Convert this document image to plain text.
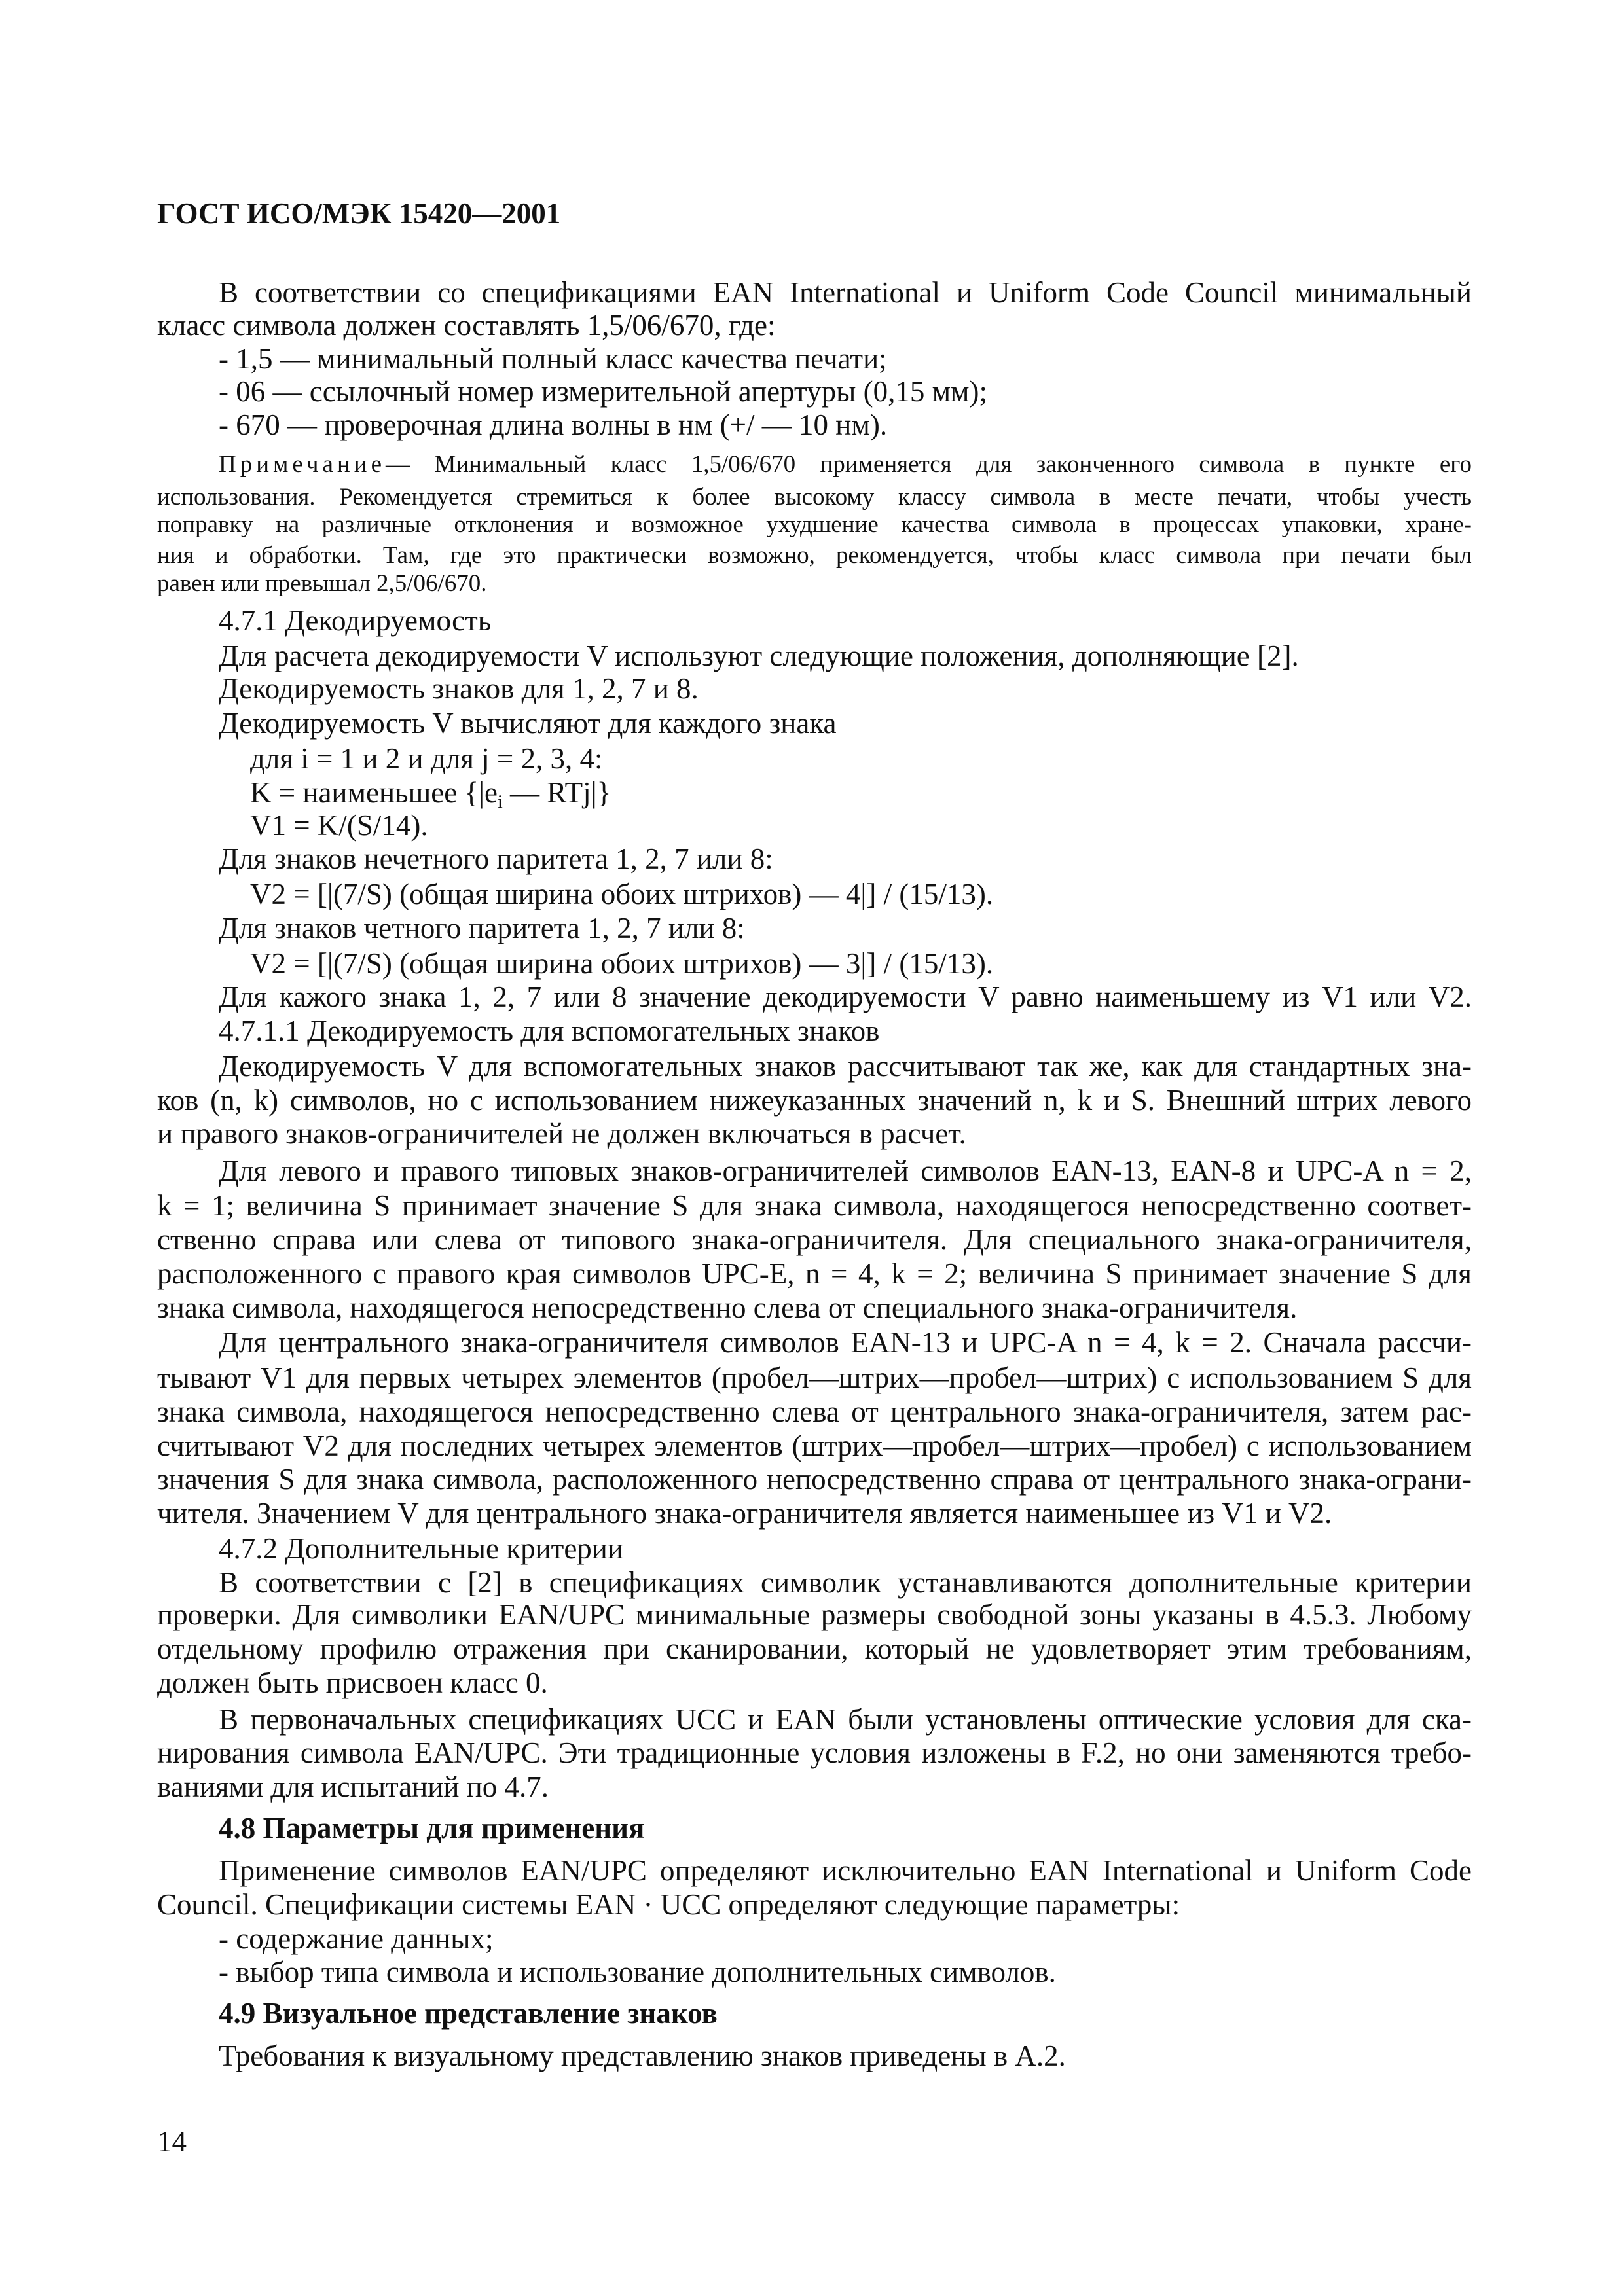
ГОСТ ИСО/МЭК 15420—2001
В соответствии со спецификациями EAN International и Uniform Code Council минимальный
класс символа должен составлять 1,5/06/670, где:
- 1,5 — минимальный полный класс качества печати;
- 06 — ссылочный номер измерительной апертуры (0,15 мм);
- 670 — проверочная длина волны в нм (+/ — 10 нм).
Примечание— Минимальный класс 1,5/06/670 применяется для законченного символа в пункте его
использования. Рекомендуется стремиться к более высокому классу символа в месте печати, чтобы учесть
поправку на различные отклонения и возможное ухудшение качества символа в процессах упаковки, хране-
ния и обработки. Там, где это практически возможно, рекомендуется, чтобы класс символа при печати был
равен или превышал 2,5/06/670.
4.7.1 Декодируемость
Для расчета декодируемости V используют следующие положения, дополняющие [2].
Декодируемость знаков для 1, 2, 7 и 8.
Декодируемость V вычисляют для каждого знака
для i = 1 и 2 и для j = 2, 3, 4:
K = наименьшее {$|e_i$ — RTj|}
V1 = K/(S/14).
Для знаков нечетного паритета 1, 2, 7 или 8:
V2 = [|(7/S) (общая ширина обоих штрихов) — 4|] / (15/13).
Для знаков четного паритета 1, 2, 7 или 8:
V2 = [|(7/S) (общая ширина обоих штрихов) — 3|] / (15/13).
Для кажого знака 1, 2, 7 или 8 значение декодируемости V равно наименьшему из V1 или V2.
4.7.1.1 Декодируемость для вспомогательных знаков
Декодируемость V для вспомогательных знаков рассчитывают так же, как для стандартных зна-
ков (n, k) символов, но с использованием нижеуказанных значений n, k и S. Внешний штрих левого
и правого знаков-ограничителей не должен включаться в расчет.
Для левого и правого типовых знаков-ограничителей символов EAN-13, EAN-8 и UPC-A n = 2,
k = 1; величина S принимает значение S для знака символа, находящегося непосредственно соответ-
ственно справа или слева от типового знака-ограничителя. Для специального знака-ограничителя,
расположенного с правого края символов UPC-E, n = 4, k = 2; величина S принимает значение S для
знака символа, находящегося непосредственно слева от специального знака-ограничителя.
Для центрального знака-ограничителя символов EAN-13 и UPC-A n = 4, k = 2. Сначала рассчи-
тывают V1 для первых четырех элементов (пробел—штрих—пробел—штрих) с использованием S для
знака символа, находящегося непосредственно слева от центрального знака-ограничителя, затем рас-
считывают V2 для последних четырех элементов (штрих—пробел—штрих—пробел) с использованием
значения S для знака символа, расположенного непосредственно справа от центрального знака-ограни-
чителя. Значением V для центрального знака-ограничителя является наименьшее из V1 и V2.
4.7.2 Дополнительные критерии
В соответствии с [2] в спецификациях символик устанавливаются дополнительные критерии
проверки. Для символики EAN/UPC минимальные размеры свободной зоны указаны в 4.5.3. Любому
отдельному профилю отражения при сканировании, который не удовлетворяет этим требованиям,
должен быть присвоен класс 0.
В первоначальных спецификациях UCC и EAN были установлены оптические условия для ска-
нирования символа EAN/UPC. Эти традиционные условия изложены в F.2, но они заменяются требо-
ваниями для испытаний по 4.7.
4.8 Параметры для применения
Применение символов EAN/UPC определяют исключительно EAN International и Uniform Code
Council. Спецификации системы EAN · UCC определяют следующие параметры:
- содержание данных;
- выбор типа символа и использование дополнительных символов.
4.9 Визуальное представление знаков
Требования к визуальному представлению знаков приведены в A.2.
14
